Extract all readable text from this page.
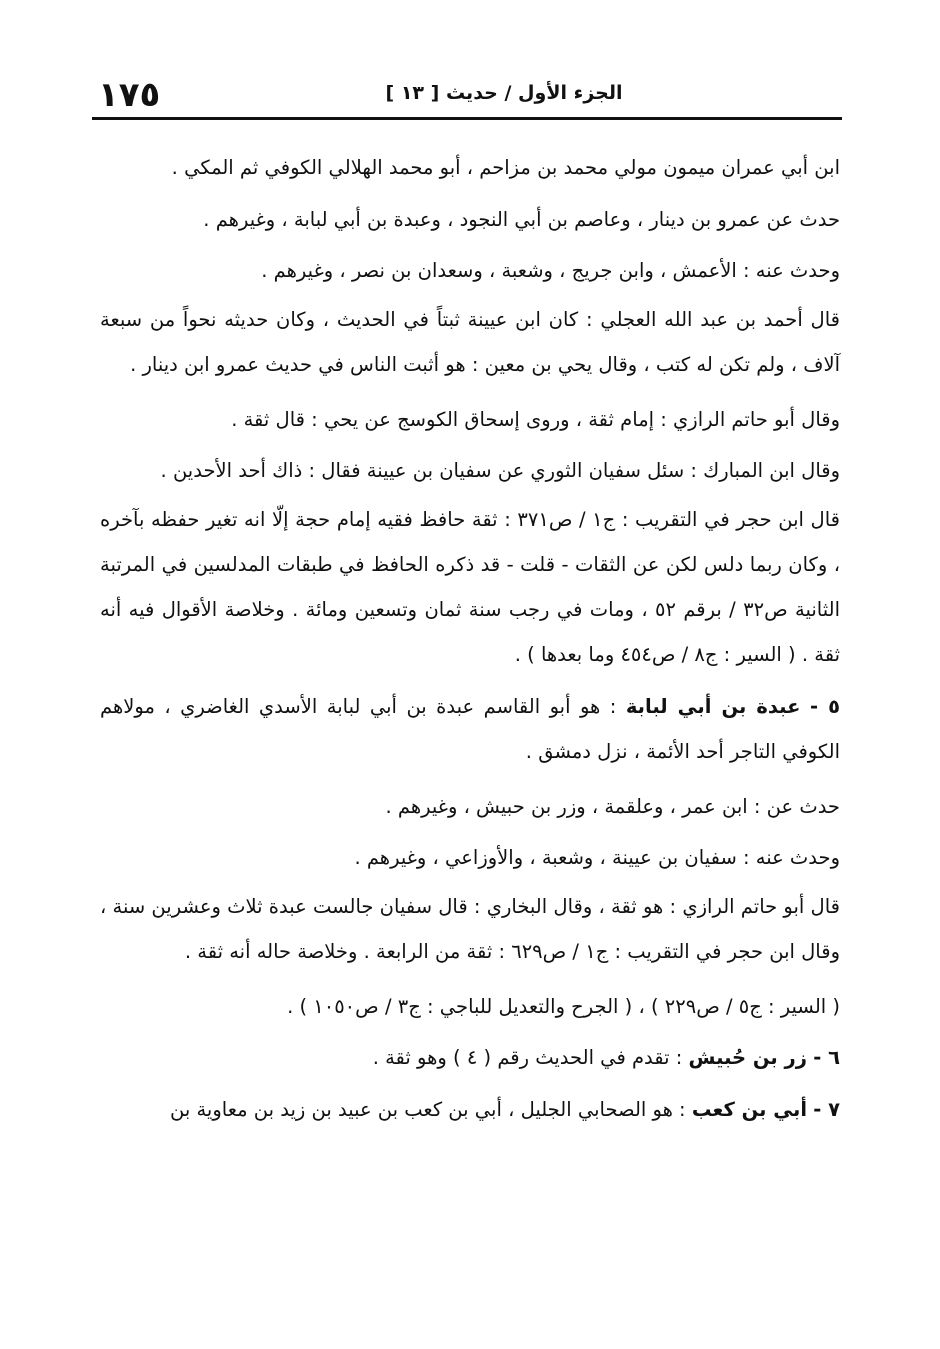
١٧٥	الجزء الأول / حديث [ ١٣ ]

ابن أبي عمران ميمون مولي محمد بن مزاحم ، أبو محمد الهلالي الكوفي ثم المكي .

حدث عن عمرو بن دينار ، وعاصم بن أبي النجود ، وعبدة بن أبي لبابة ، وغيرهم .

وحدث عنه : الأعمش ، وابن جريج ، وشعبة ، وسعدان بن نصر ، وغيرهم .

قال أحمد بن عبد الله العجلي : كان ابن عيينة ثبتاً في الحديث ، وكان حديثه نحواً من سبعة آلاف ، ولم تكن له كتب ، وقال يحي بن معين : هو أثبت الناس في حديث عمرو ابن دينار .

وقال أبو حاتم الرازي : إمام ثقة ، وروى إسحاق الكوسج عن يحي : قال ثقة .

وقال ابن المبارك : سئل سفيان الثوري عن سفيان بن عيينة فقال : ذاك أحد الأحدين .

قال ابن حجر في التقريب : ج١ / ص٣٧١ : ثقة حافظ فقيه إمام حجة إلّا انه تغير حفظه بآخره ، وكان ربما دلس لكن عن الثقات - قلت - قد ذكره الحافظ في طبقات المدلسين في المرتبة الثانية ص٣٢ / برقم ٥٢ ، ومات في رجب سنة ثمان وتسعين ومائة . وخلاصة الأقوال فيه أنه ثقة . ( السير : ج٨ / ص٤٥٤ وما بعدها ) .

٥ - عبدة بن أبي لبابة : هو أبو القاسم عبدة بن أبي لبابة الأسدي الغاضري ، مولاهم الكوفي التاجر أحد الأئمة ، نزل دمشق .

حدث عن : ابن عمر ، وعلقمة ، وزر بن حبيش ، وغيرهم .

وحدث عنه : سفيان بن عيينة ، وشعبة ، والأوزاعي ، وغيرهم .

قال أبو حاتم الرازي : هو ثقة ، وقال البخاري : قال سفيان جالست عبدة ثلاث وعشرين سنة ، وقال ابن حجر في التقريب : ج١ / ص٦٢٩ : ثقة من الرابعة . وخلاصة حاله أنه ثقة .

( السير : ج٥ / ص٢٢٩ ) ، ( الجرح والتعديل للباجي : ج٣ / ص١٠٥٠ ) .

٦ - زر بن حُبيش : تقدم في الحديث رقم ( ٤ ) وهو ثقة .

٧ - أبي بن كعب : هو الصحابي الجليل ، أبي بن كعب بن عبيد بن زيد بن معاوية بن
